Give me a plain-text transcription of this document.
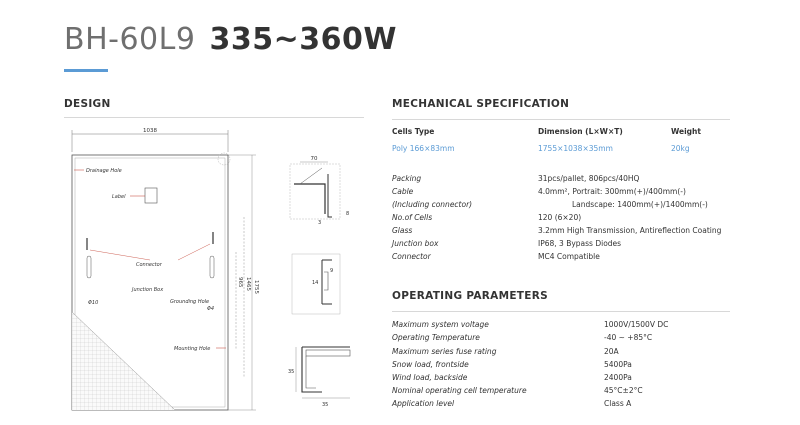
BH-60L9 335~360W
DESIGN
1038
Drainage Hole
Label
Connector
Junction Box
Φ10	Grounding Hole
Φ4
Mounting Hole
1755
1465
965
70
8
3
9
14
35
35
MECHANICAL SPECIFICATION
Cells Type	Dimension (L×W×T)	Weight
Poly 166×83mm	1755×1038×35mm	20kg
Packing	31pcs/pallet, 806pcs/40HQ
Cable	4.0mm², Portrait: 300mm(+)/400mm(-)
(Including connector)	Landscape: 1400mm(+)/1400mm(-)
No.of Cells	120 (6×20)
Glass	3.2mm High Transmission, Antireflection Coating
Junction box	IP68, 3 Bypass Diodes
Connector	MC4 Compatible
OPERATING PARAMETERS
Maximum system voltage	1000V/1500V DC
Operating Temperature	-40 ~ +85°C
Maximum series fuse rating	20A
Snow load, frontside	5400Pa
Wind load, backside	2400Pa
Nominal operating cell temperature	45°C±2°C
Application level	Class A
